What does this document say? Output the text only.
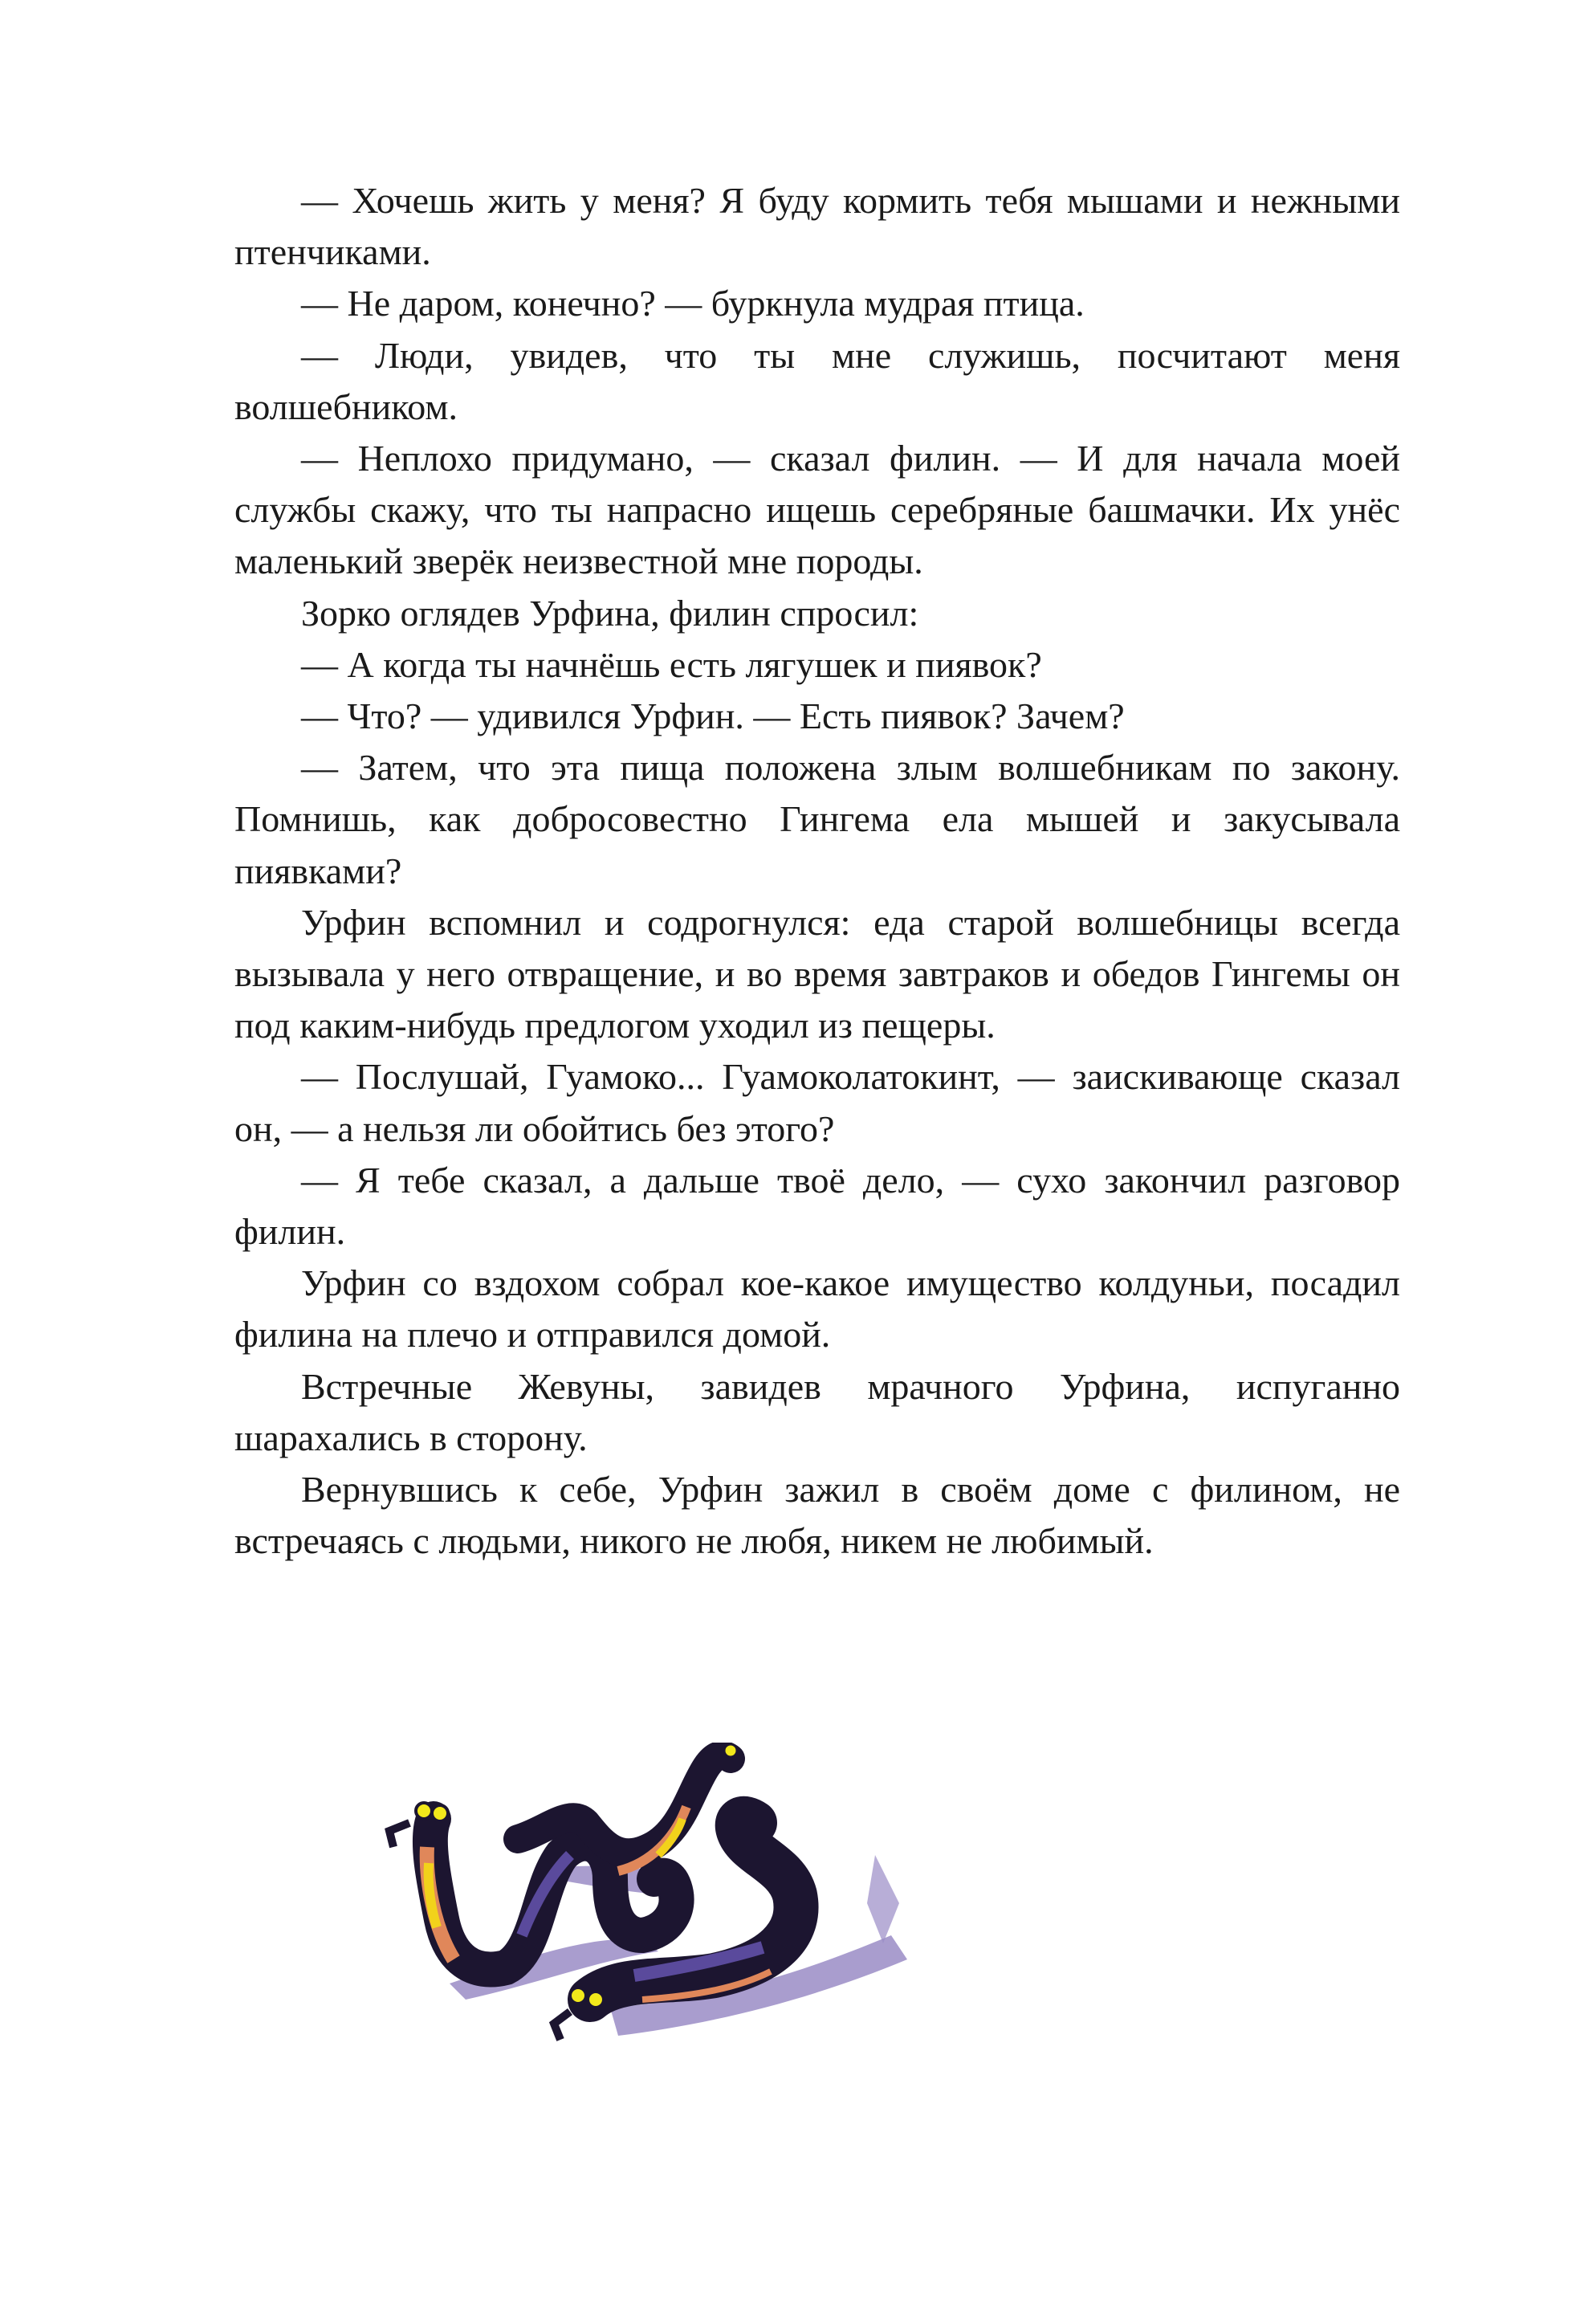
— Хочешь жить у меня? Я буду кормить тебя мышами и нежными птенчиками.

— Не даром, конечно? — буркнула мудрая птица.

— Люди, увидев, что ты мне служишь, посчитают меня волшебником.

— Неплохо придумано, — сказал филин. — И для начала моей службы скажу, что ты напрасно ищешь серебряные башмачки. Их унёс маленький зверёк неизвестной мне породы.

Зорко оглядев Урфина, филин спросил:

— А когда ты начнёшь есть лягушек и пиявок?

— Что? — удивился Урфин. — Есть пиявок? Зачем?

— Затем, что эта пища положена злым волшебникам по закону. Помнишь, как добросовестно Гингема ела мышей и закусывала пиявками?

Урфин вспомнил и содрогнулся: еда старой волшебницы всегда вызывала у него отвращение, и во время завтраков и обедов Гингемы он под каким-нибудь предлогом уходил из пещеры.

— Послушай, Гуамоко... Гуамоколатокинт, — заискивающе сказал он, — а нельзя ли обойтись без этого?

— Я тебе сказал, а дальше твоё дело, — сухо закончил разговор филин.

Урфин со вздохом собрал кое-какое имущество колдуньи, посадил филина на плечо и отправился домой.

Встречные Жевуны, завидев мрачного Урфина, испуганно шарахались в сторону.

Вернувшись к себе, Урфин зажил в своём доме с филином, не встречаясь с людьми, никого не любя, никем не любимый.
